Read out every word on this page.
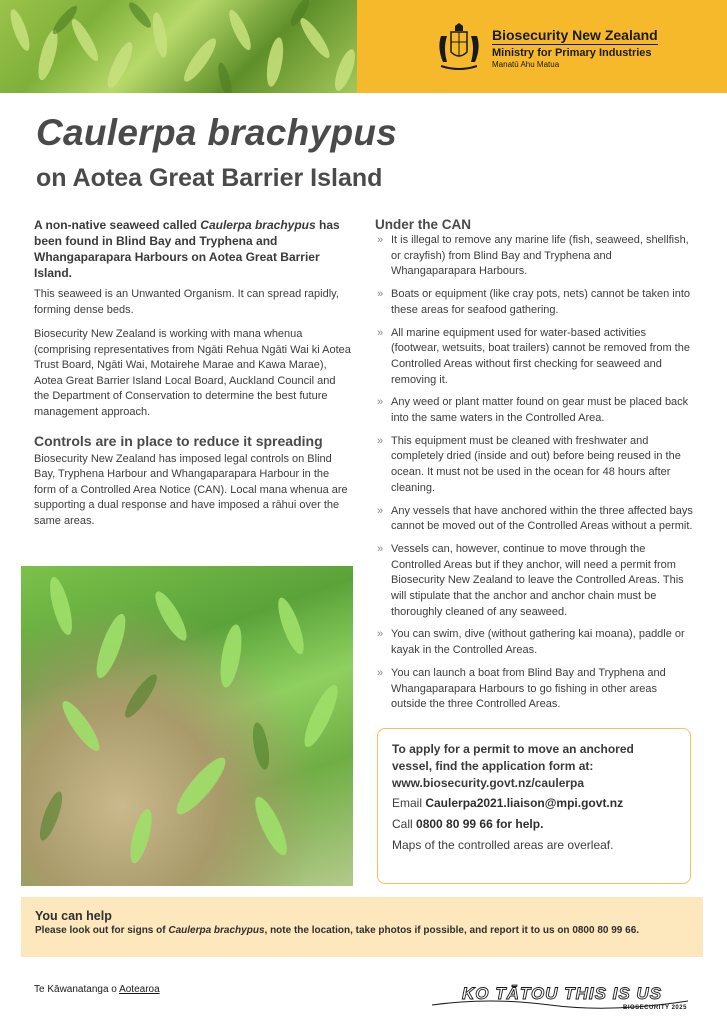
Biosecurity New Zealand
Ministry for Primary Industries
Manatū Ahu Matua
Caulerpa brachypus
on Aotea Great Barrier Island

A non-native seaweed called Caulerpa brachypus has been found in Blind Bay and Tryphena and Whangaparapara Harbours on Aotea Great Barrier Island.

This seaweed is an Unwanted Organism. It can spread rapidly, forming dense beds.

Biosecurity New Zealand is working with mana whenua (comprising representatives from Ngāti Rehua Ngāti Wai ki Aotea Trust Board, Ngāti Wai, Motairehe Marae and Kawa Marae), Aotea Great Barrier Island Local Board, Auckland Council and the Department of Conservation to determine the best future management approach.

Controls are in place to reduce it spreading

Biosecurity New Zealand has imposed legal controls on Blind Bay, Tryphena Harbour and Whangaparapara Harbour in the form of a Controlled Area Notice (CAN). Local mana whenua are supporting a dual response and have imposed a rāhui over the same areas.

Under the CAN
» It is illegal to remove any marine life (fish, seaweed, shellfish, or crayfish) from Blind Bay and Tryphena and Whangaparapara Harbours.
» Boats or equipment (like cray pots, nets) cannot be taken into these areas for seafood gathering.
» All marine equipment used for water-based activities (footwear, wetsuits, boat trailers) cannot be removed from the Controlled Areas without first checking for seaweed and removing it.
» Any weed or plant matter found on gear must be placed back into the same waters in the Controlled Area.
» This equipment must be cleaned with freshwater and completely dried (inside and out) before being reused in the ocean. It must not be used in the ocean for 48 hours after cleaning.
» Any vessels that have anchored within the three affected bays cannot be moved out of the Controlled Areas without a permit.
» Vessels can, however, continue to move through the Controlled Areas but if they anchor, will need a permit from Biosecurity New Zealand to leave the Controlled Areas. This will stipulate that the anchor and anchor chain must be thoroughly cleaned of any seaweed.
» You can swim, dive (without gathering kai moana), paddle or kayak in the Controlled Areas.
» You can launch a boat from Blind Bay and Tryphena and Whangaparapara Harbours to go fishing in other areas outside the three Controlled Areas.
To apply for a permit to move an anchored vessel, find the application form at:
www.biosecurity.govt.nz/caulerpa
Email Caulerpa2021.liaison@mpi.govt.nz
Call 0800 80 99 66 for help.
Maps of the controlled areas are overleaf.
You can help
Please look out for signs of Caulerpa brachypus, note the location, take photos if possible, and report it to us on 0800 80 99 66.
Te Kāwanatanga o Aotearoa	KO TĀTOU THIS IS US
BIOSECURITY 2025
